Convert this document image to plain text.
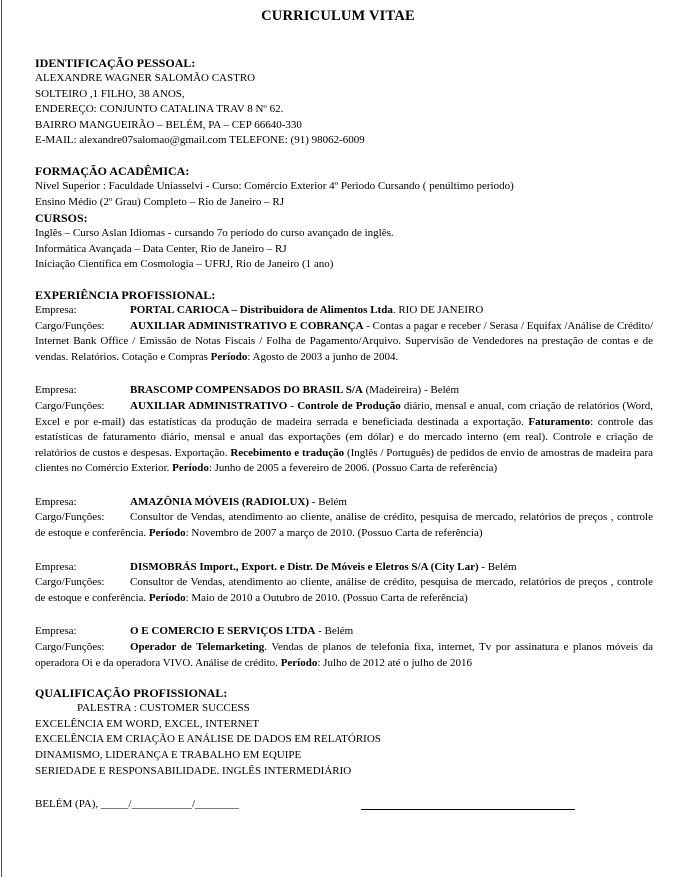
CURRICULUM VITAE
IDENTIFICAÇÃO PESSOAL:
ALEXANDRE WAGNER SALOMÃO CASTRO
SOLTEIRO ,1 FILHO, 38 ANOS,
ENDEREÇO: CONJUNTO CATALINA TRAV 8 Nº 62.
BAIRRO MANGUEIRÃO – BELÉM, PA – CEP 66640-330
E-MAIL: alexandre07salomao@gmail.com TELEFONE: (91) 98062-6009
FORMAÇÃO ACADÊMICA:
Nível Superior : Faculdade Uniasselvi - Curso: Comércio Exterior 4º Periodo Cursando ( penúltimo período)
Ensino Médio (2º Grau) Completo – Rio de Janeiro – RJ
CURSOS:
Inglês – Curso Aslan Idiomas - cursando 7o período do curso avançado de inglês.
Informática Avançada – Data Center, Rio de Janeiro – RJ
Iniciação Científica em Cosmologia – UFRJ, Rio de Janeiro (1 ano)
EXPERIÊNCIA PROFISSIONAL:
Empresa:	PORTAL CARIOCA – Distribuidora de Alimentos Ltda. RIO DE JANEIRO
Cargo/Funções: AUXILIAR ADMINISTRATIVO E COBRANÇA - Contas a pagar e receber / Serasa / Equifax /Análise de Crédito/ Internet Bank Office / Emissão de Notas Fiscais / Folha de Pagamento/Arquivo. Supervisão de Vendedores na prestação de contas e de vendas. Relatórios. Cotação e Compras Período: Agosto de 2003 a junho de 2004.
Empresa:	BRASCOMP COMPENSADOS DO BRASIL S/A (Madeireira) - Belém
Cargo/Funções: AUXILIAR ADMINISTRATIVO - Controle de Produção diário, mensal e anual, com criação de relatórios (Word, Excel e por e-mail) das estatísticas da produção de madeira serrada e beneficiada destinada a exportação. Faturamento: controle das estatísticas de faturamento diário, mensal e anual das exportações (em dólar) e do mercado interno (em real). Controle e criação de relatórios de custos e despesas. Exportação. Recebimento e tradução (Inglês / Português) de pedidos de envio de amostras de madeira para clientes no Comércio Exterior. Período: Junho de 2005 a fevereiro de 2006. (Possuo Carta de referência)
Empresa:	AMAZÔNIA MÓVEIS (RADIOLUX) - Belém
Cargo/Funções: Consultor de Vendas, atendimento ao cliente, análise de crédito, pesquisa de mercado, relatórios de preços , controle de estoque e conferência. Período: Novembro de 2007 a março de 2010. (Possuo Carta de referência)
Empresa:	DISMOBRÁS Import., Export. e Distr. De Móveis e Eletros S/A (City Lar) - Belém
Cargo/Funções: Consultor de Vendas, atendimento ao cliente, análise de crédito, pesquisa de mercado, relatórios de preços , controle de estoque e conferência. Período: Maio de 2010 a Outubro de 2010. (Possuo Carta de referência)
Empresa:	O E COMERCIO E SERVIÇOS LTDA - Belém
Cargo/Funções: Operador de Telemarketing. Vendas de planos de telefonia fixa, internet, Tv por assinatura e planos móveis da operadora Oi e da operadora VIVO. Análise de crédito. Período: Julho de 2012 até o julho de 2016
QUALIFICAÇÃO PROFISSIONAL:
PALESTRA : CUSTOMER SUCCESS
EXCELÊNCIA EM WORD, EXCEL, INTERNET
EXCELÊNCIA EM CRIAÇÃO E ANÁLISE DE DADOS EM RELATÓRIOS
DINAMISMO, LIDERANÇA E TRABALHO EM EQUIPE
SERIEDADE E RESPONSABILIDADE. INGLÊS INTERMEDIÁRIO
BELÉM (PA), _____/___________/________
